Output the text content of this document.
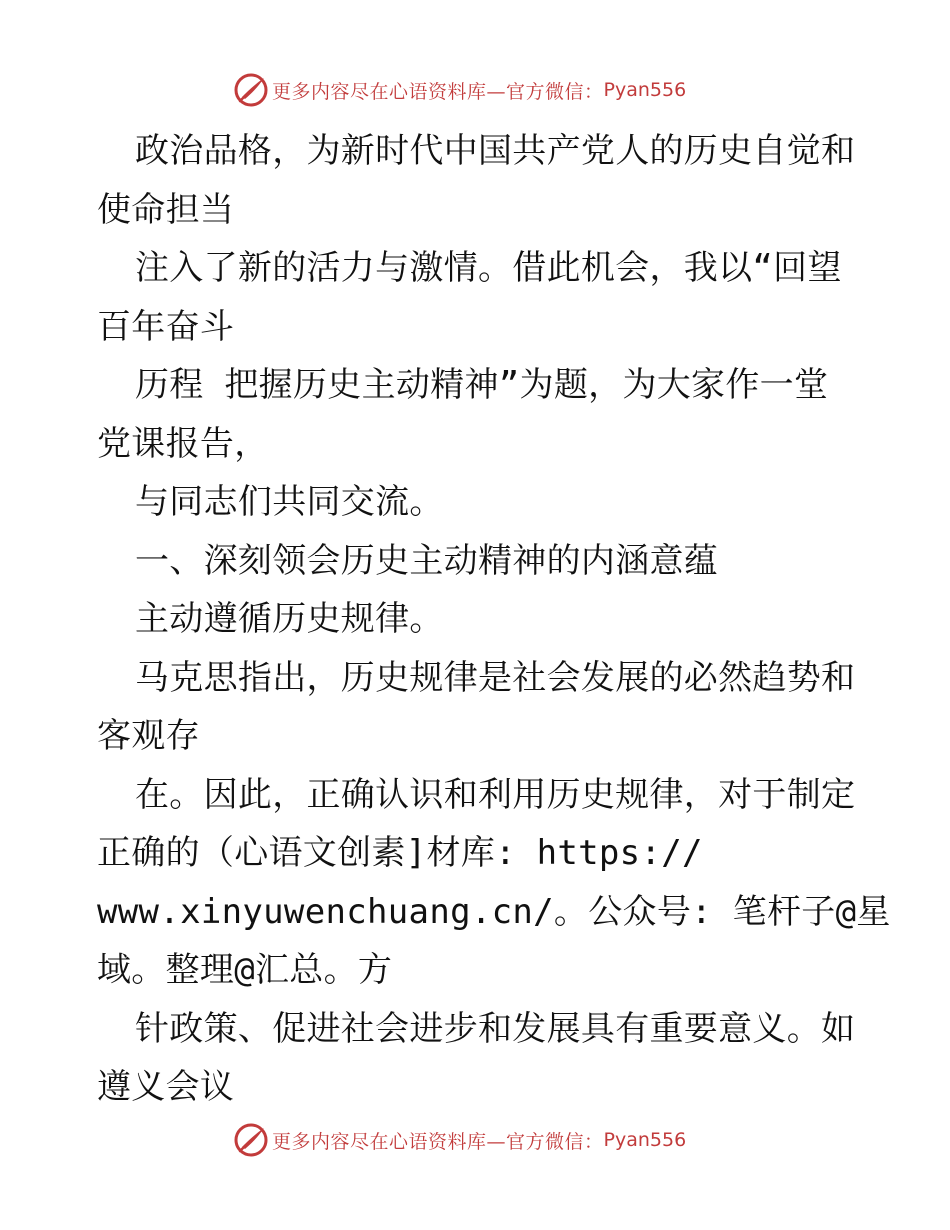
更多内容尽在心语资料库—官方微信： Pyan556
政治品格，为新时代中国共产党人的历史自觉和
使命担当
注入了新的活力与激情。借此机会，我以“回望
百年奋斗
历程 把握历史主动精神”为题，为大家作一堂
党课报告，
与同志们共同交流。
一、深刻领会历史主动精神的内涵意蕴
主动遵循历史规律。
马克思指出，历史规律是社会发展的必然趋势和
客观存
在。因此，正确认识和利用历史规律，对于制定
正确的（心语文创素]材库: https://
www.xinyuwenchuang.cn/。公众号: 笔杆子@星
域。整理@汇总。方
针政策、促进社会进步和发展具有重要意义。如
遵义会议
更多内容尽在心语资料库—官方微信： Pyan556
